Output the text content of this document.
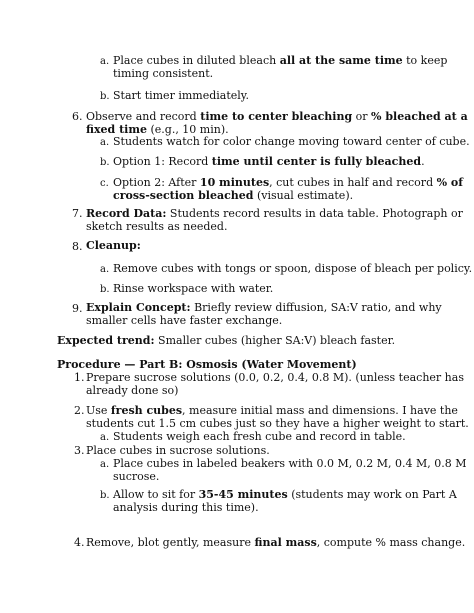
a. Place cubes in diluted bleach all at the same time to keep
timing consistent.
b. Start timer immediately.
6. Observe and record time to center bleaching or % bleached at a
fixed time (e.g., 10 min).
a. Students watch for color change moving toward center of cube.
b. Option 1: Record time until center is fully bleached.
c. Option 2: After 10 minutes, cut cubes in half and record % of
cross-section bleached (visual estimate).
7. Record Data: Students record results in data table. Photograph or
sketch results as needed.
8. Cleanup:
a. Remove cubes with tongs or spoon, dispose of bleach per policy.
b. Rinse workspace with water.
9. Explain Concept: Briefly review diffusion, SA:V ratio, and why
smaller cells have faster exchange.
Expected trend: Smaller cubes (higher SA:V) bleach faster.
Procedure — Part B: Osmosis (Water Movement)
1. Prepare sucrose solutions (0.0, 0.2, 0.4, 0.8 M). (unless teacher has
already done so)
2. Use fresh cubes, measure initial mass and dimensions. I have the
students cut 1.5 cm cubes just so they have a higher weight to start.
a. Students weigh each fresh cube and record in table.
3. Place cubes in sucrose solutions.
a. Place cubes in labeled beakers with 0.0 M, 0.2 M, 0.4 M, 0.8 M
sucrose.
b. Allow to sit for 35-45 minutes (students may work on Part A
analysis during this time).
4. Remove, blot gently, measure final mass, compute % mass change.
